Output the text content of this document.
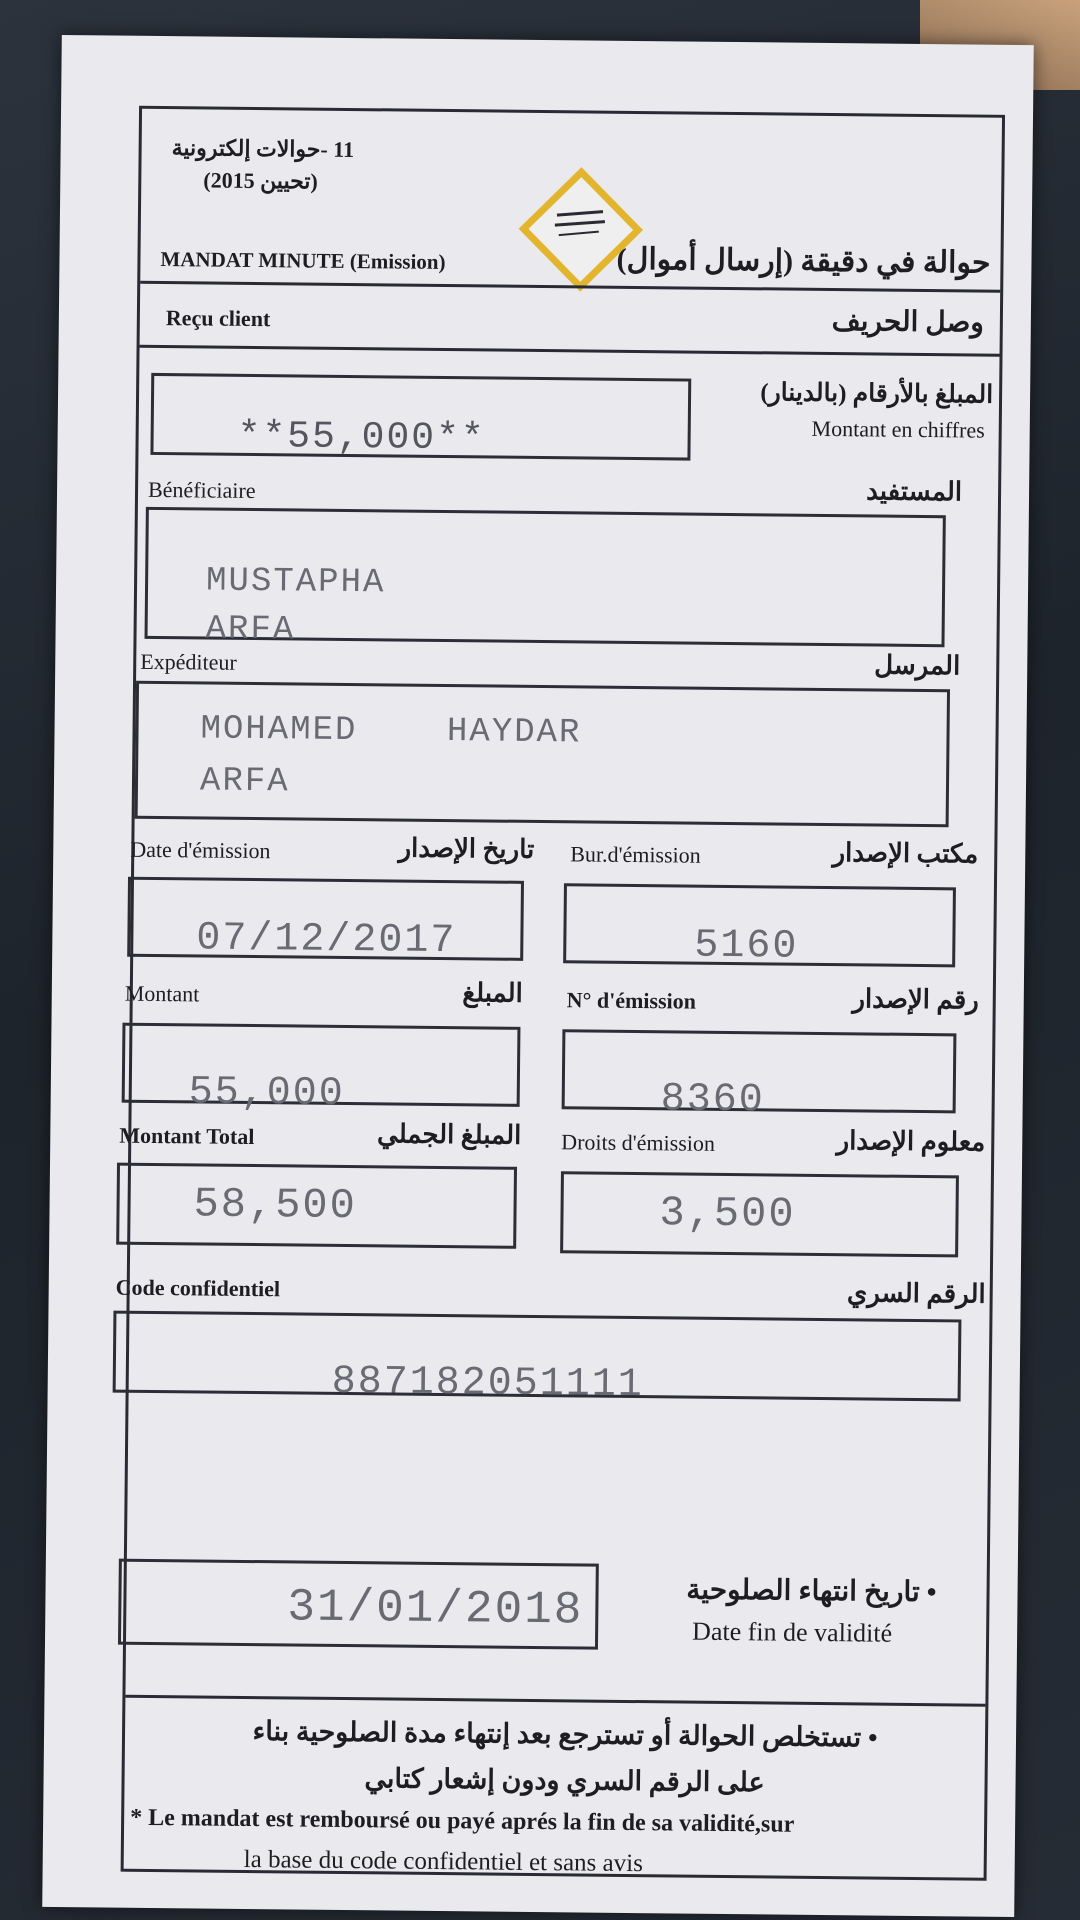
11 -حوالات إلكترونية
(تحيين 2015)
MANDAT MINUTE (Emission)	حوالة في دقيقة (إرسال أموال)
Reçu client	وصل الحريف
**55,000**
المبلغ بالأرقام (بالدينار)
Montant en chiffres
Bénéficiaire	المستفيد
MUSTAPHA
ARFA
Expéditeur	المرسل
MOHAMED    HAYDAR
ARFA
Date d'émission	تاريخ الإصدار Bur.d'émission	مكتب الإصدار
07/12/2017	5160
Montant	المبلغ N° d'émission	رقم الإصدار
55,000	8360
Montant Total	المبلغ الجملي Droits d'émission	معلوم الإصدار
58,500	3,500
Code confidentiel	الرقم السري
887182051111
31/01/2018	• تاريخ انتهاء الصلوحية
Date fin de validité
• تستخلص الحوالة أو تسترجع بعد إنتهاء مدة الصلوحية بناء
على الرقم السري ودون إشعار كتابي
* Le mandat est remboursé ou payé aprés la fin de sa validité,sur
la base du code confidentiel et sans avis
